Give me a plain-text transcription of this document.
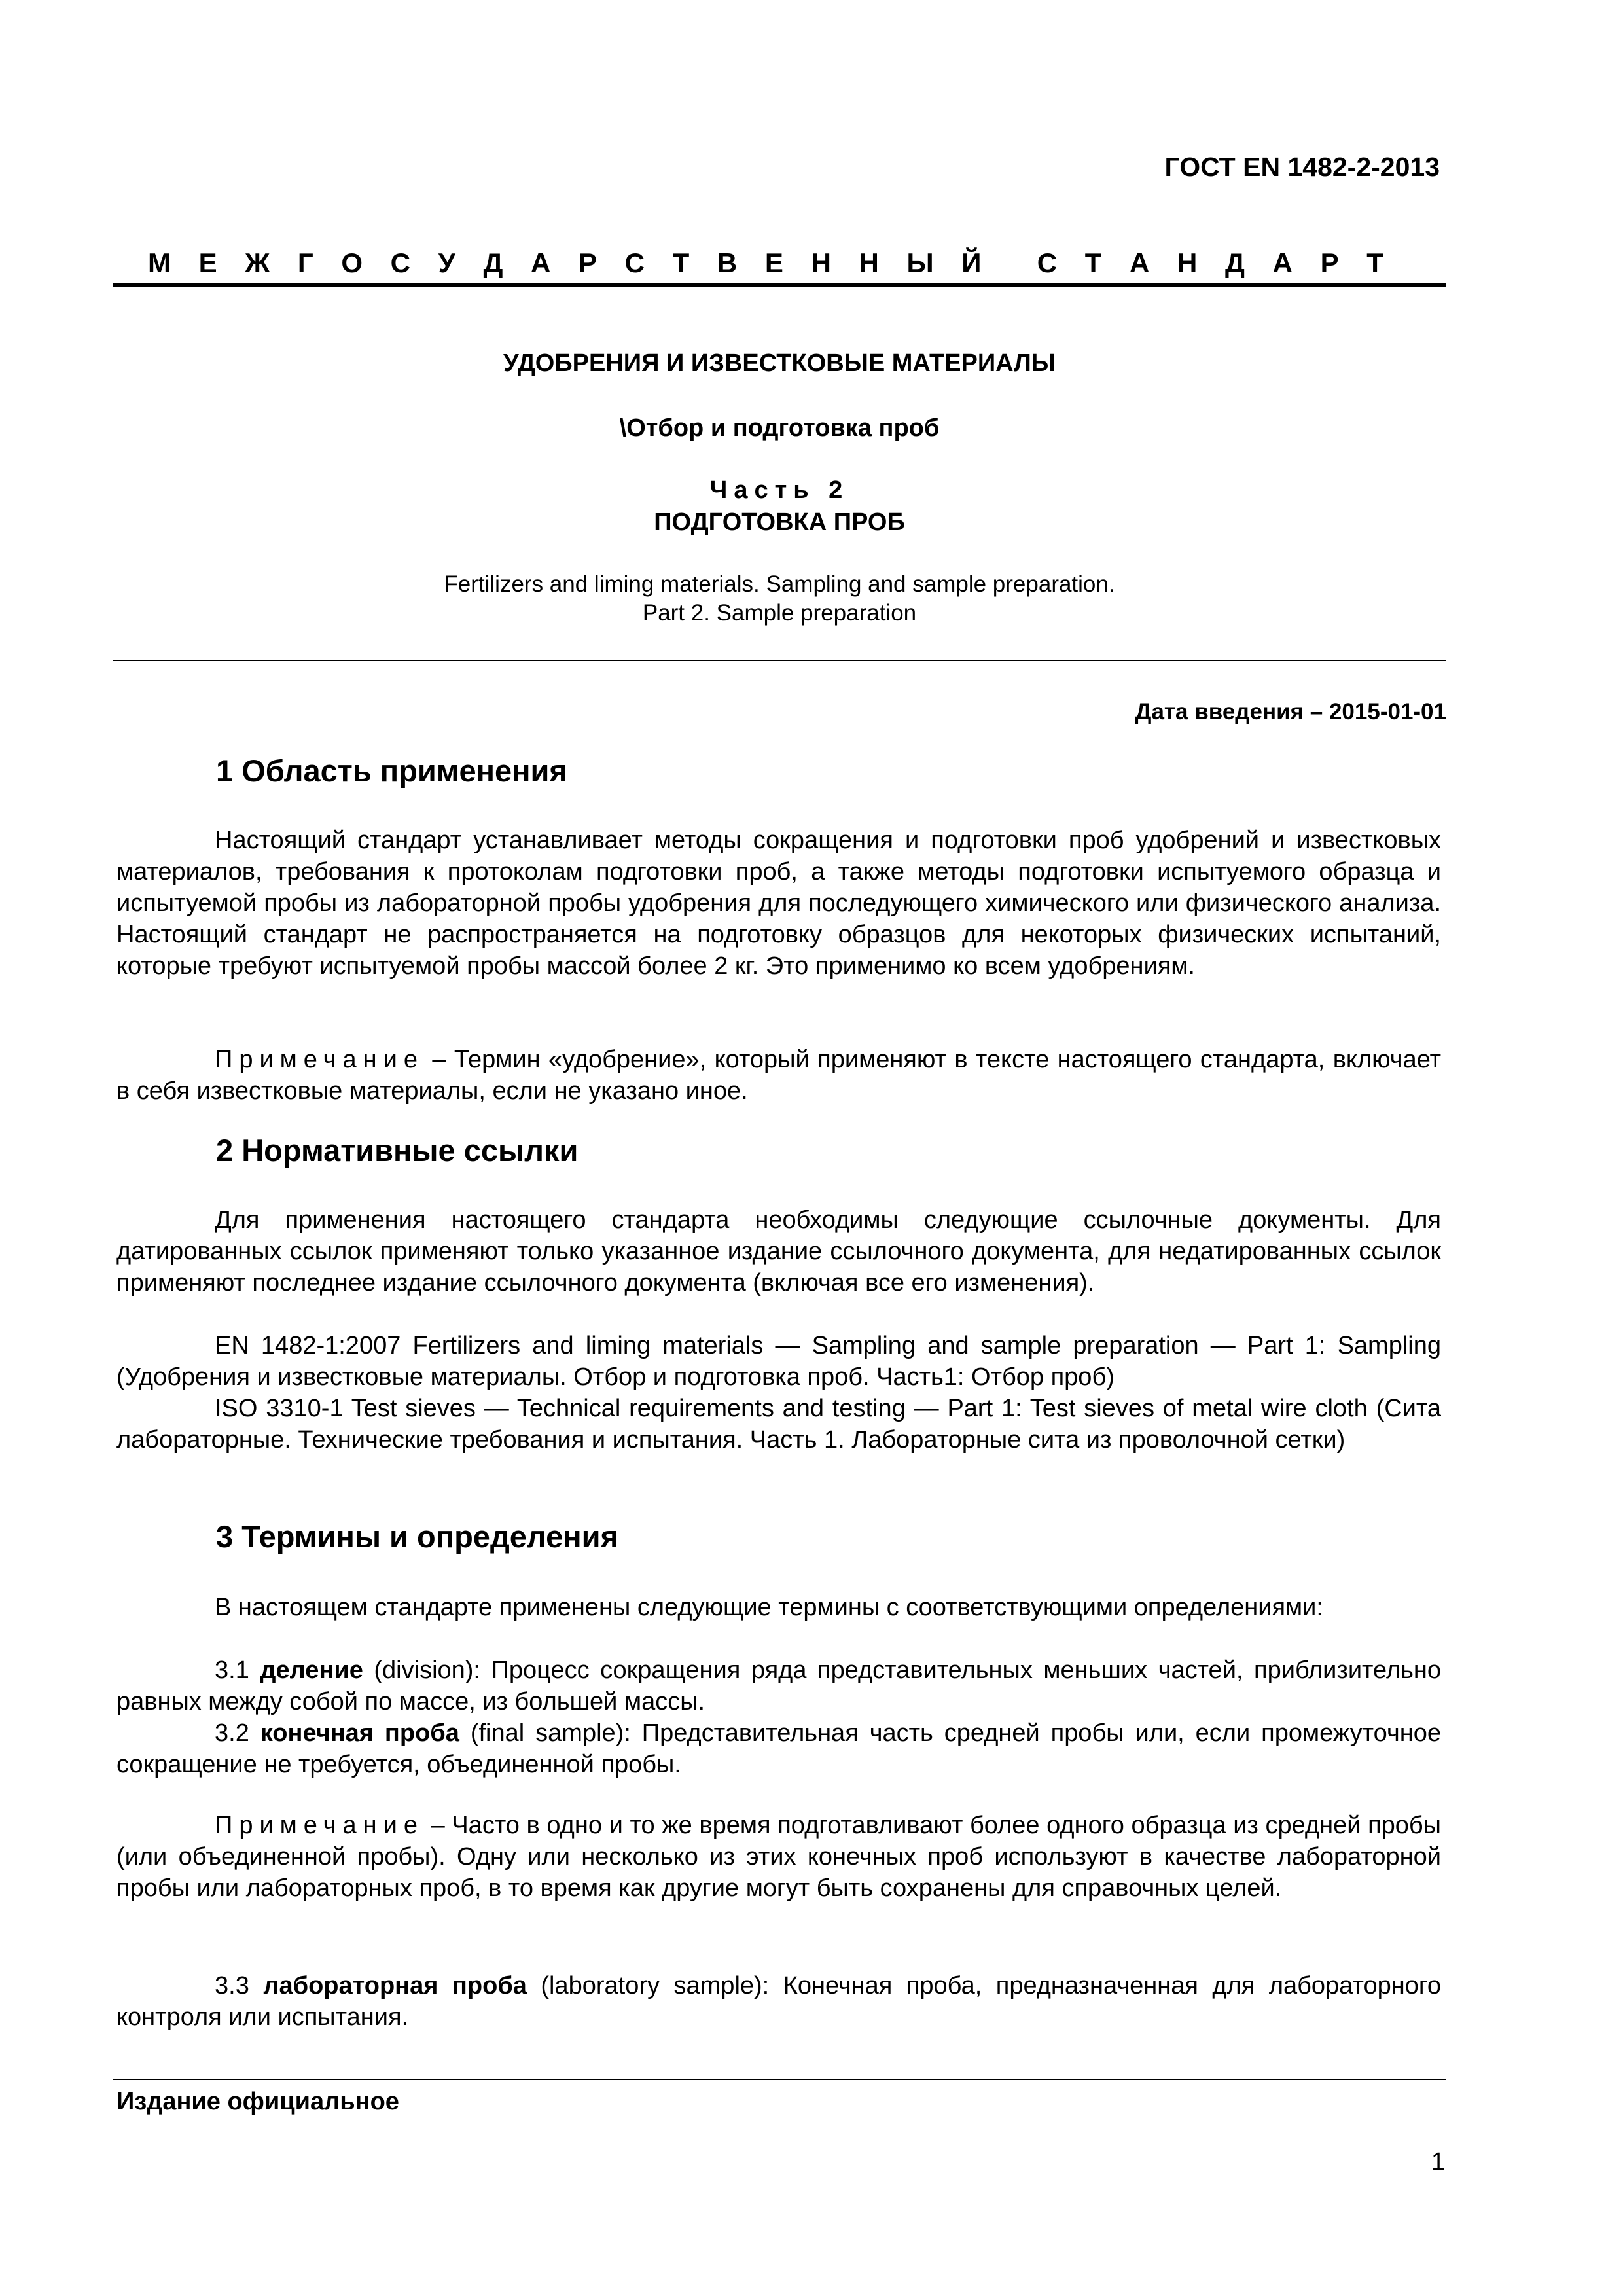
ГОСТ EN 1482-2-2013
М Е Ж Г О С У Д А Р С Т В Е Н Н Ы Й С Т А Н Д А Р Т
УДОБРЕНИЯ И ИЗВЕСТКОВЫЕ МАТЕРИАЛЫ
\Отбор и подготовка проб
Часть 2
ПОДГОТОВКА ПРОБ
Fertilizers and liming materials. Sampling and sample preparation.
Part 2. Sample preparation
Дата введения – 2015-01-01
1 Область применения
Настоящий стандарт устанавливает методы сокращения и подготовки проб удобрений и известковых материалов, требования к протоколам подготовки проб, а также методы подготовки испытуемого образца и испытуемой пробы из лабораторной пробы удобрения для последующего химического или физического анализа. Настоящий стандарт не распространяется на подготовку образцов для некоторых физических испытаний, которые требуют испытуемой пробы массой более 2 кг. Это применимо ко всем удобрениям.
Примечание – Термин «удобрение», который применяют в тексте настоящего стандарта, включает в себя известковые материалы, если не указано иное.
2 Нормативные ссылки
Для применения настоящего стандарта необходимы следующие ссылочные документы. Для датированных ссылок применяют только указанное издание ссылочного документа, для недатированных ссылок применяют последнее издание ссылочного документа (включая все его изменения).
EN 1482-1:2007 Fertilizers and liming materials — Sampling and sample preparation — Part 1: Sampling (Удобрения и известковые материалы. Отбор и подготовка проб. Часть1: Отбор проб)
ISO 3310-1 Test sieves — Technical requirements and testing — Part 1: Test sieves of metal wire cloth (Сита лабораторные. Технические требования и испытания. Часть 1. Лабораторные сита из проволочной сетки)
3 Термины и определения
В настоящем стандарте применены следующие термины с соответствующими определениями:
3.1 деление (division): Процесс сокращения ряда представительных меньших частей, приблизительно равных между собой по массе, из большей массы.
3.2 конечная проба (final sample): Представительная часть средней пробы или, если промежуточное сокращение не требуется, объединенной пробы.
Примечание – Часто в одно и то же время подготавливают более одного образца из средней пробы (или объединенной пробы). Одну или несколько из этих конечных проб используют в качестве лабораторной пробы или лабораторных проб, в то время как другие могут быть сохранены для справочных целей.
3.3 лабораторная проба (laboratory sample): Конечная проба, предназначенная для лабораторного контроля или испытания.
Издание официальное
1
